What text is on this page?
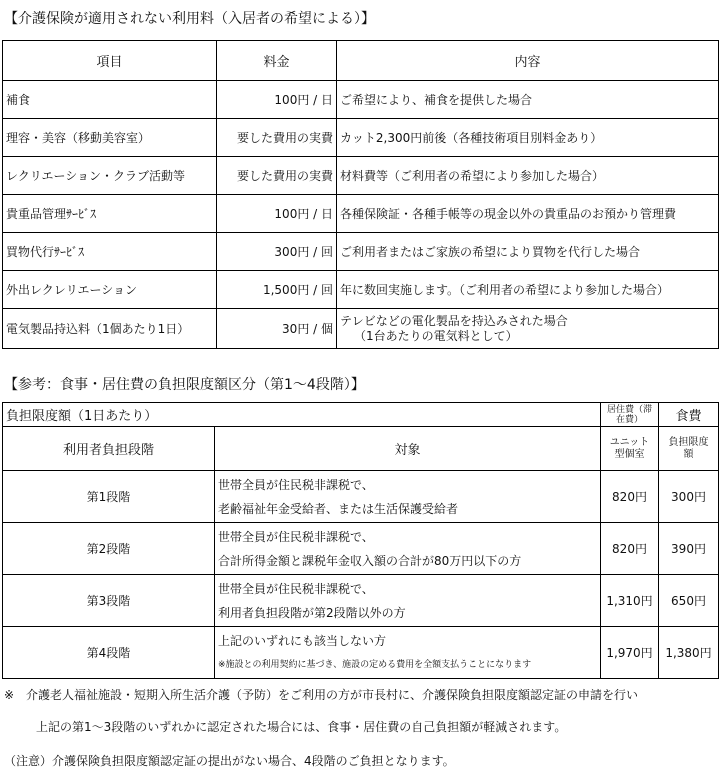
【介護保険が適用されない利用料（入居者の希望による）】
項目	料金	内容
補食	100円 / 日	ご希望により、補食を提供した場合
理容・美容（移動美容室）	要した費用の実費	カット2,300円前後（各種技術項目別料金あり）
レクリエーション・クラブ活動等	要した費用の実費	材料費等（ご利用者の希望により参加した場合）
貴重品管理ｻｰﾋﾞｽ	100円 / 日	各種保険証・各種手帳等の現金以外の貴重品のお預かり管理費
買物代行ｻｰﾋﾞｽ	300円 / 回	ご利用者またはご家族の希望により買物を代行した場合
外出レクレリエーション	1,500円 / 回	年に数回実施します。（ご利用者の希望により参加した場合）
電気製品持込料（1個あたり1日）	30円 / 個	テレビなどの電化製品を持込みされた場合
（1台あたりの電気料として）
【参考：食事・居住費の負担限度額区分（第1～4段階）】
負担限度額（1日あたり）		居住費（滞在費）	食費
利用者負担段階	対象	ユニット型個室	負担限度額
第1段階	世帯全員が住民税非課税で、
老齢福祉年金受給者、または生活保護受給者	820円	300円
第2段階	世帯全員が住民税非課税で、
合計所得金額と課税年金収入額の合計が80万円以下の方	820円	390円
第3段階	世帯全員が住民税非課税で、
利用者負担段階が第2段階以外の方	1,310円	650円
第4段階	上記のいずれにも該当しない方
※施設との利用契約に基づき、施設の定める費用を全額支払うことになります	1,970円	1,380円
※　介護老人福祉施設・短期入所生活介護（予防）をご利用の方が市長村に、介護保険負担限度額認定証の申請を行い
上記の第1～3段階のいずれかに認定された場合には、食事・居住費の自己負担額が軽減されます。
（注意）介護保険負担限度額認定証の提出がない場合、4段階のご負担となります。
